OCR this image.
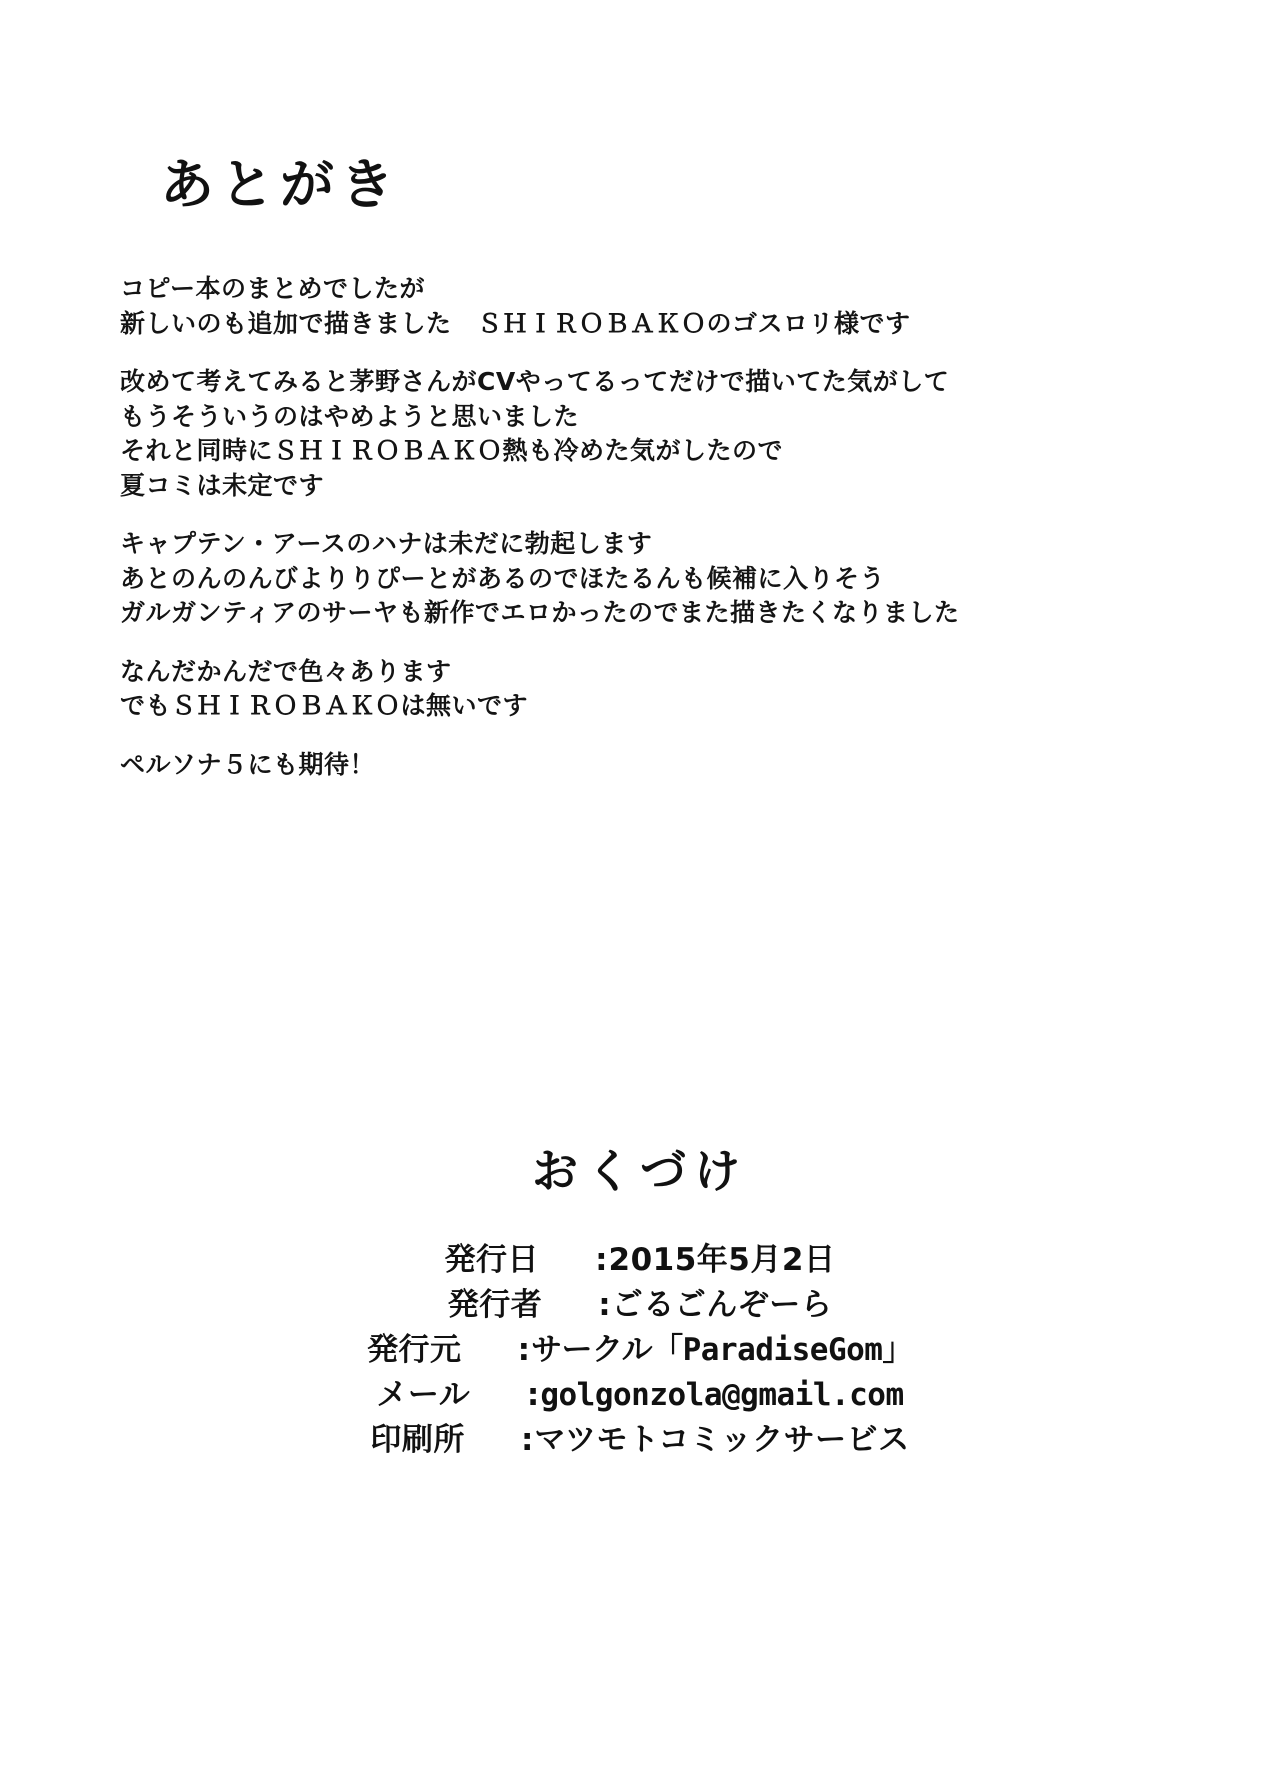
あとがき
コピー本のまとめでしたが
新しいのも追加で描きました　ＳＨＩＲＯＢＡＫＯのゴスロリ様です
改めて考えてみると茅野さんがCVやってるってだけで描いてた気がして
もうそういうのはやめようと思いました
それと同時にＳＨＩＲＯＢＡＫＯ熱も冷めた気がしたので
夏コミは未定です
キャプテン・アースのハナは未だに勃起します
あとのんのんびよりりぴーとがあるのでほたるんも候補に入りそう
ガルガンティアのサーヤも新作でエロかったのでまた描きたくなりました
なんだかんだで色々あります
でもＳＨＩＲＯＢＡＫＯは無いです
ペルソナ５にも期待！
おくづけ
発行日	: 2015年5月2日
発行者	: ごるごんぞーら
発行元	: サークル「ParadiseGom」
メール	: golgonzola@gmail.com
印刷所	: マツモトコミックサービス
